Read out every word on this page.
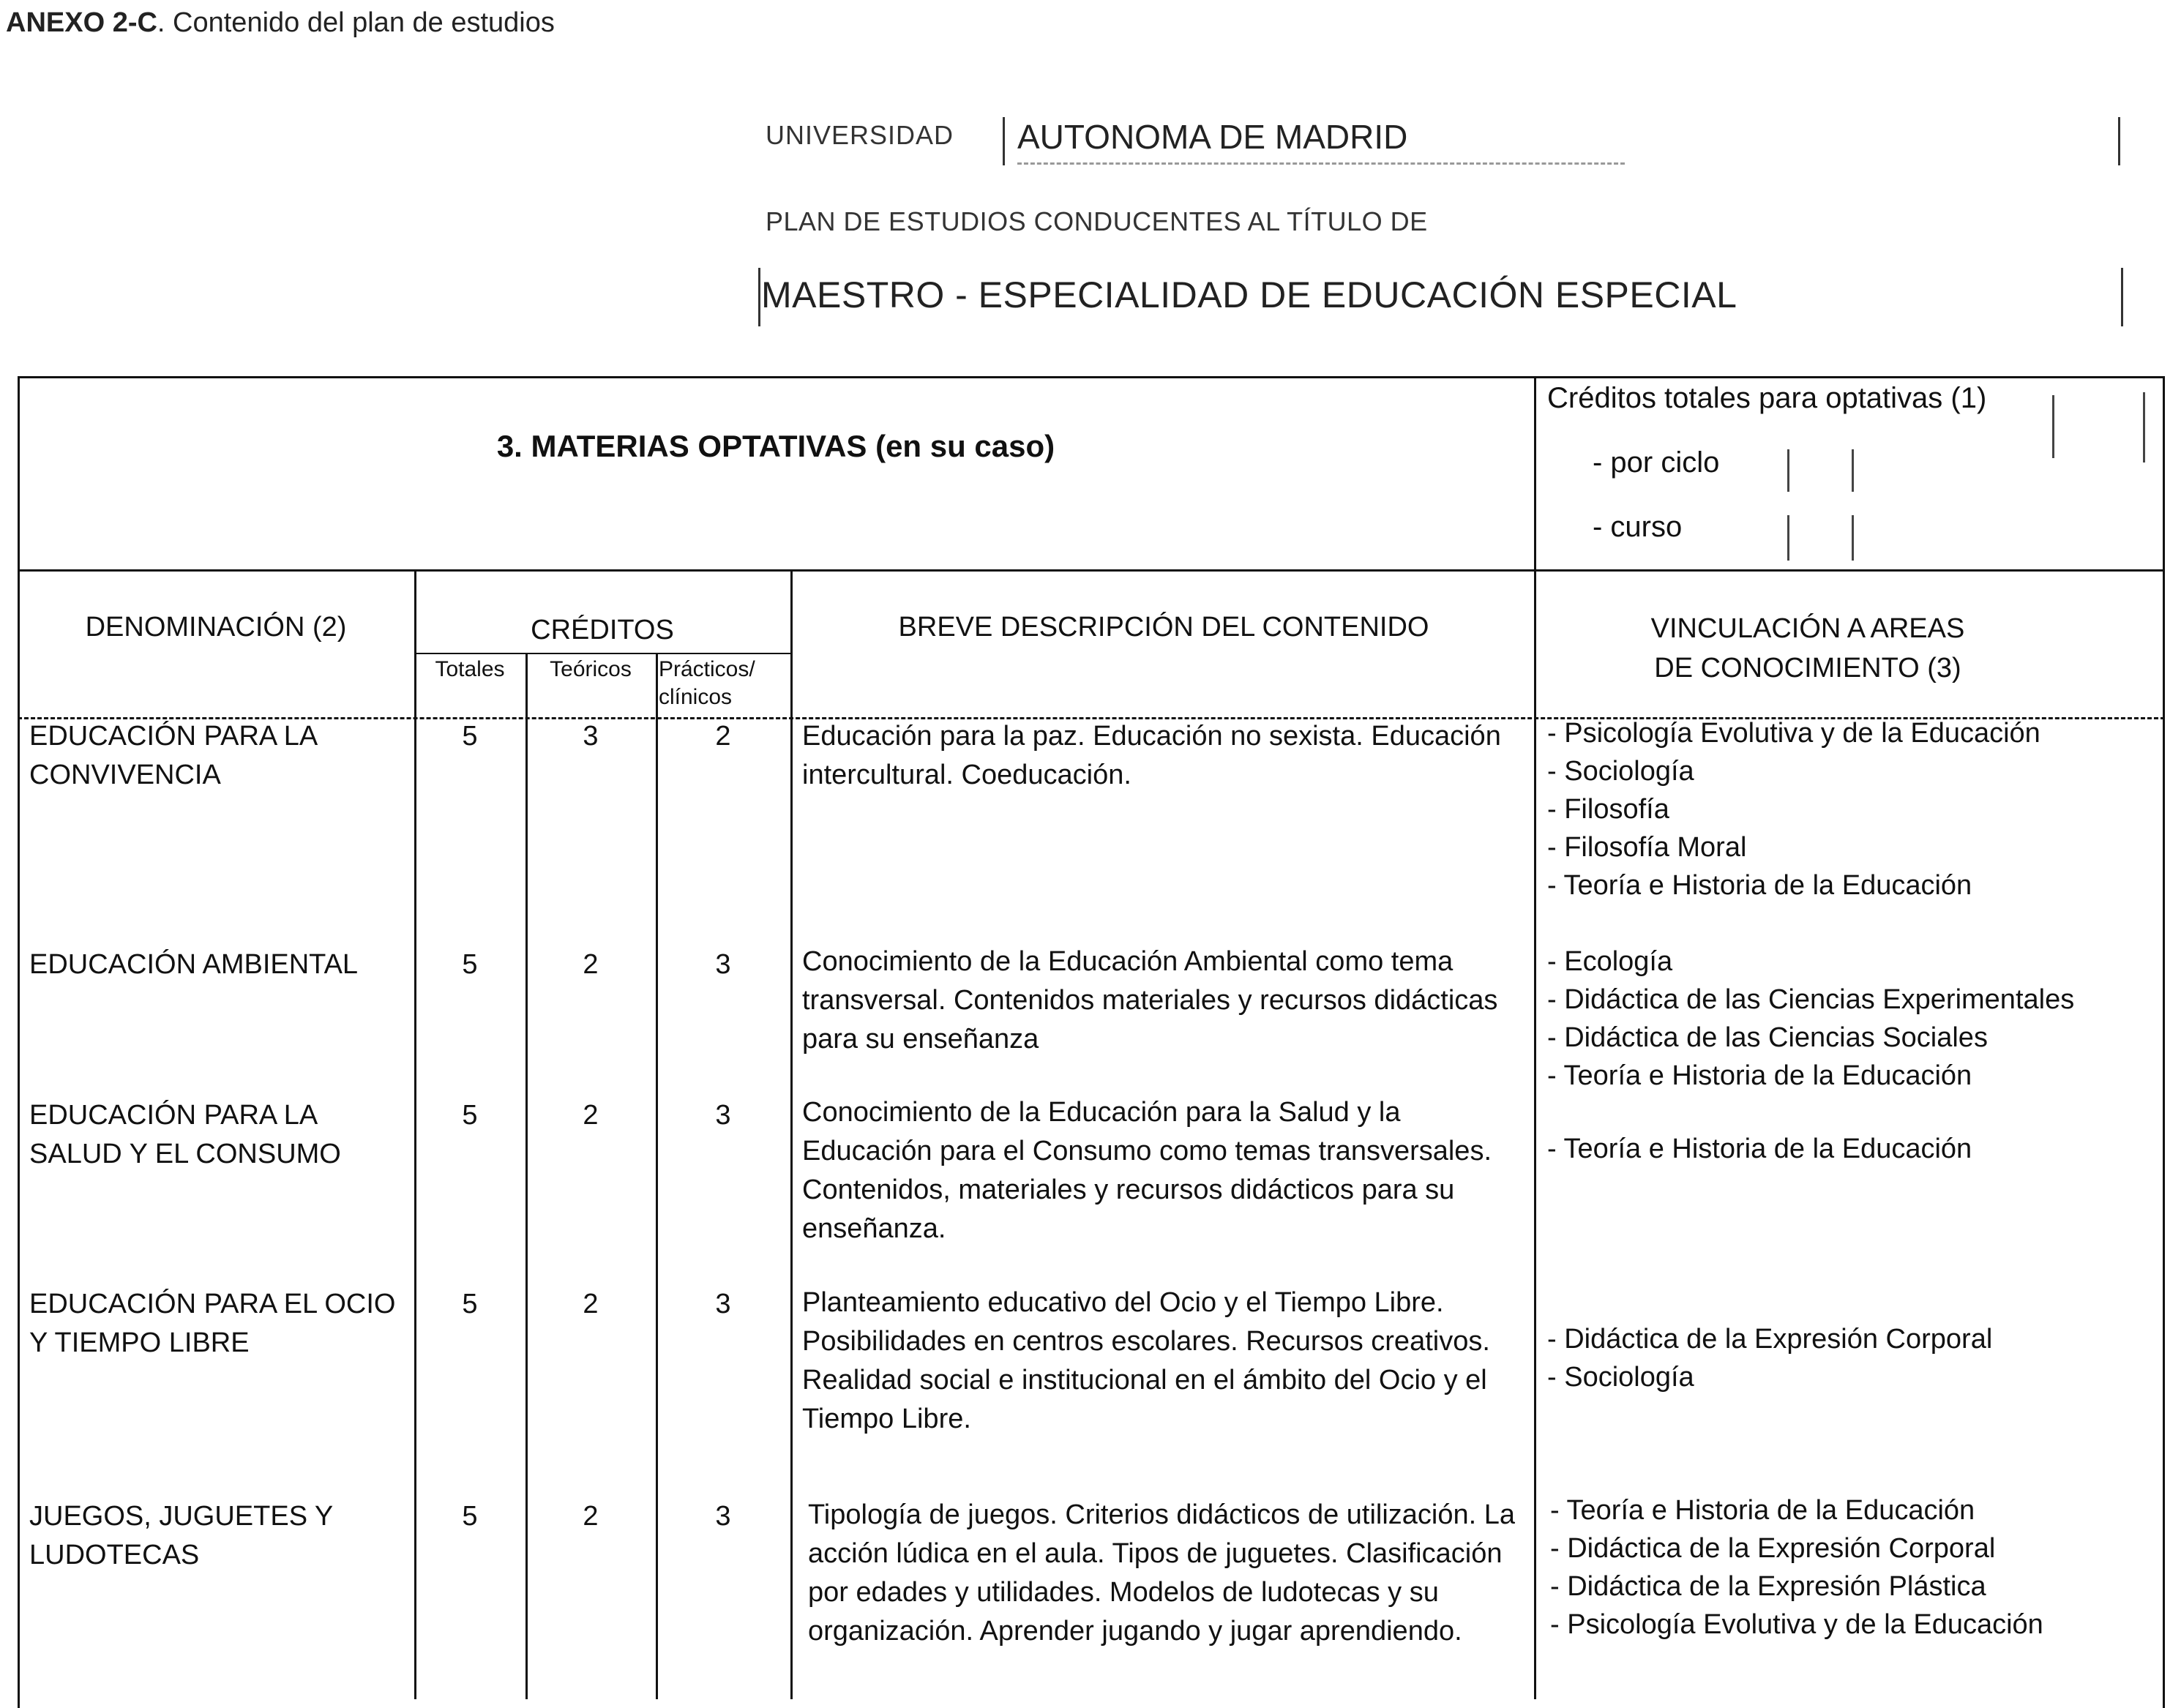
ANEXO 2-C. Contenido del plan de estudios
UNIVERSIDAD AUTONOMA DE MADRID
PLAN DE ESTUDIOS CONDUCENTES AL TÍTULO DE
MAESTRO - ESPECIALIDAD DE EDUCACIÓN ESPECIAL
3. MATERIAS OPTATIVAS (en su caso)
Créditos totales para optativas (1)
- por ciclo
- curso
DENOMINACIÓN (2)	CRÉDITOS
Totales	Teóricos	Prácticos/ clínicos
BREVE DESCRIPCIÓN DEL CONTENIDO	VINCULACIÓN A AREAS DE CONOCIMIENTO (3)
EDUCACIÓN PARA LA CONVIVENCIA
5	3	2	Educación para la paz. Educación no sexista. Educación intercultural. Coeducación.
- Psicología Evolutiva y de la Educación
- Sociología
- Filosofía
- Filosofía Moral
- Teoría e Historia de la Educación
EDUCACIÓN AMBIENTAL	5	2	3	Conocimiento de la Educación Ambiental como tema transversal. Contenidos materiales y recursos didácticas para su enseñanza
- Ecología
- Didáctica de las Ciencias Experimentales
- Didáctica de las Ciencias Sociales
- Teoría e Historia de la Educación
EDUCACIÓN PARA LA SALUD Y EL CONSUMO
5	2	3	Conocimiento de la Educación para la Salud y la Educación para el Consumo como temas transversales. Contenidos, materiales y recursos didácticos para su enseñanza.
- Teoría e Historia de la Educación
EDUCACIÓN PARA EL OCIO Y TIEMPO LIBRE
5	2	3	Planteamiento educativo del Ocio y el Tiempo Libre. Posibilidades en centros escolares. Recursos creativos. Realidad social e institucional en el ámbito del Ocio y el Tiempo Libre.
- Didáctica de la Expresión Corporal
- Sociología
JUEGOS, JUGUETES Y LUDOTECAS
5	2	3	Tipología de juegos. Criterios didácticos de utilización. La acción lúdica en el aula. Tipos de juguetes. Clasificación por edades y utilidades. Modelos de ludotecas y su organización. Aprender jugando y jugar aprendiendo.
- Teoría e Historia de la Educación
- Didáctica de la Expresión Corporal
- Didáctica de la Expresión Plástica
- Psicología Evolutiva y de la Educación
